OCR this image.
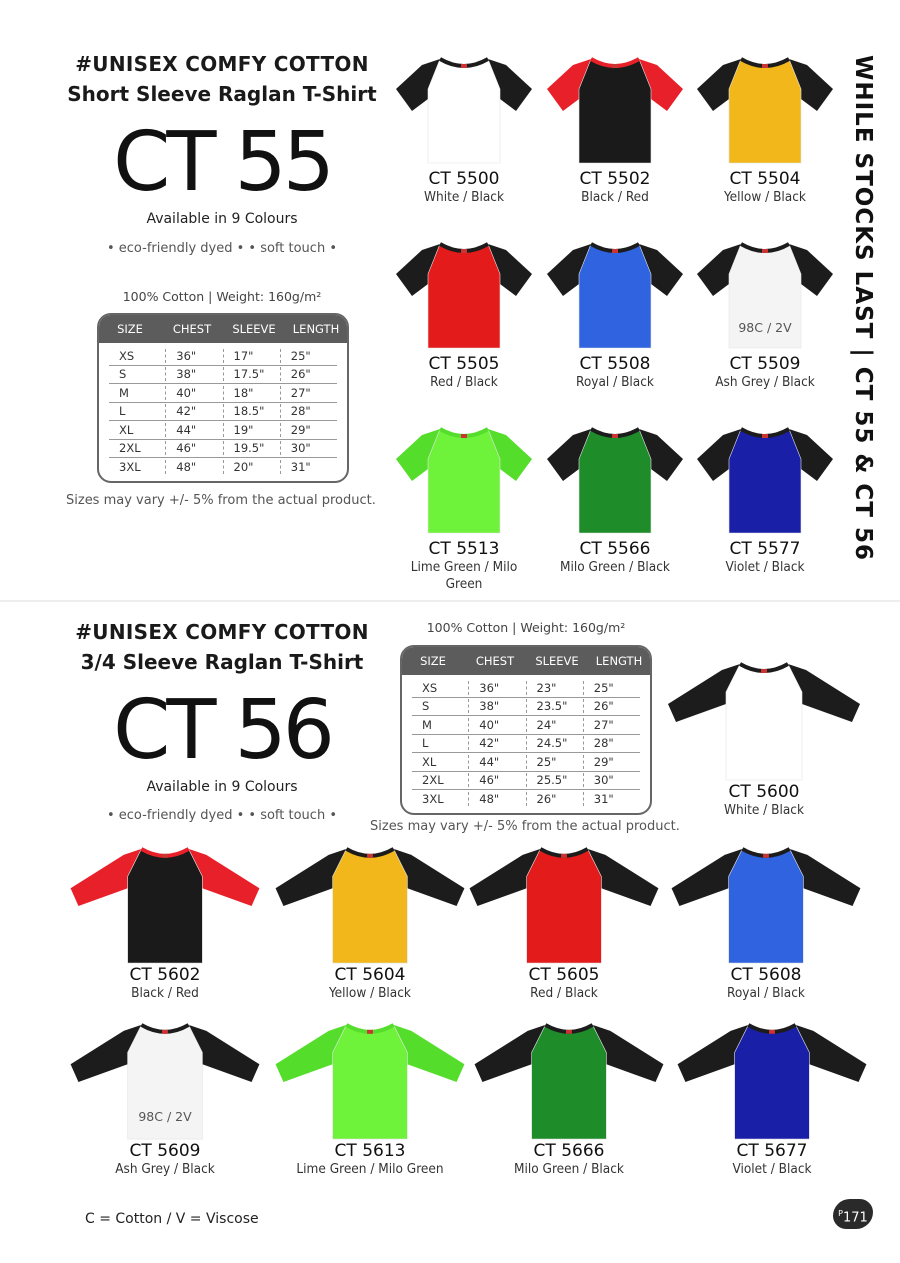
#UNISEX COMFY COTTON
Short Sleeve Raglan T-Shirt
CT 55
Available in 9 Colours
• eco-friendly dyed • • soft touch •
100% Cotton | Weight: 160g/m²
SIZE	CHEST	SLEEVE	LENGTH
XS	36"	17"	25"
S	38"	17.5"	26"
M	40"	18"	27"
L	42"	18.5"	28"
XL	44"	19"	29"
2XL	46"	19.5"	30"
3XL	48"	20"	31"
Sizes may vary +/- 5% from the actual product.
CT 5500
White / Black
CT 5502
Black / Red
CT 5504
Yellow / Black
CT 5505
Red / Black
CT 5508
Royal / Black
CT 5509
Ash Grey / Black
98C / 2V
CT 5513
Lime Green / Milo Green
CT 5566
Milo Green / Black
CT 5577
Violet / Black
WHILE STOCKS LAST | CT 55 & CT 56
#UNISEX COMFY COTTON
3/4 Sleeve Raglan T-Shirt
CT 56
Available in 9 Colours
• eco-friendly dyed • • soft touch •
100% Cotton | Weight: 160g/m²
SIZE	CHEST	SLEEVE	LENGTH
XS	36"	23"	25"
S	38"	23.5"	26"
M	40"	24"	27"
L	42"	24.5"	28"
XL	44"	25"	29"
2XL	46"	25.5"	30"
3XL	48"	26"	31"
Sizes may vary +/- 5% from the actual product.
CT 5600
White / Black
CT 5602
Black / Red
CT 5604
Yellow / Black
CT 5605
Red / Black
CT 5608
Royal / Black
CT 5609
Ash Grey / Black
98C / 2V
CT 5613
Lime Green / Milo Green
CT 5666
Milo Green / Black
CT 5677
Violet / Black
C = Cotton / V = Viscose	$^P$171
